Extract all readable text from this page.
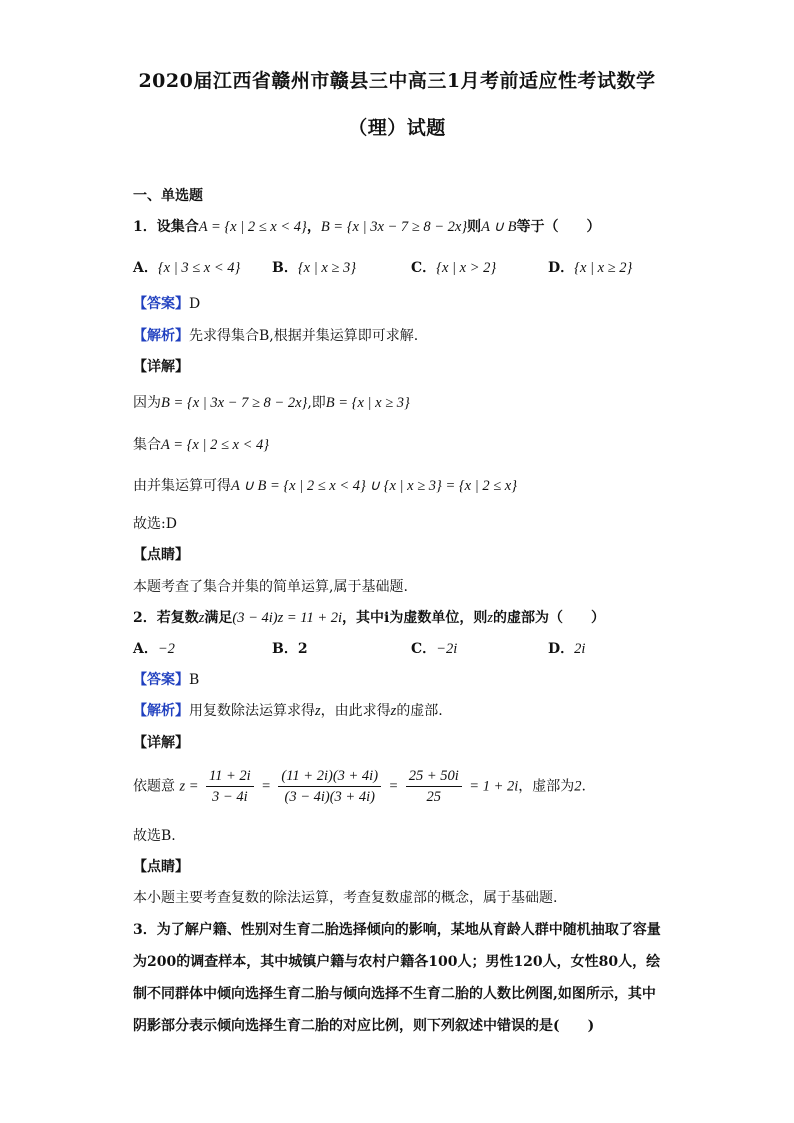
2020届江西省赣州市赣县三中高三1月考前适应性考试数学
（理）试题
一、单选题
1．设集合A = {x | 2 ≤ x < 4}，B = {x | 3x − 7 ≥ 8 − 2x}则A ∪ B等于（　　）
A．{x | 3 ≤ x < 4} B．{x | x ≥ 3}	C．{x | x > 2}	D．{x | x ≥ 2}
【答案】D
【解析】先求得集合B,根据并集运算即可求解.
【详解】
因为B = {x | 3x − 7 ≥ 8 − 2x},即B = {x | x ≥ 3}
集合A = {x | 2 ≤ x < 4}
由并集运算可得A ∪ B = {x | 2 ≤ x < 4} ∪ {x | x ≥ 3} = {x | 2 ≤ x}
故选:D
【点睛】
本题考查了集合并集的简单运算,属于基础题.
2．若复数z满足(3 − 4i)z = 11 + 2i，其中i为虚数单位，则z的虚部为（　　）
A．−2	B．2	C．−2i	D．2i
【答案】B
【解析】用复数除法运算求得z，由此求得z的虚部.
【详解】
依题意 $z = \frac{11 + 2i}{3 - 4i} = \frac{(11 + 2i)(3 + 4i)}{(3 - 4i)(3 + 4i)} = \frac{25 + 50i}{25} = 1 + 2i$，虚部为2.
故选B.
【点睛】
本小题主要考查复数的除法运算，考查复数虚部的概念，属于基础题.
3．为了解户籍、性别对生育二胎选择倾向的影响，某地从育龄人群中随机抽取了容量
为200的调查样本，其中城镇户籍与农村户籍各100人；男性120人，女性80人，绘
制不同群体中倾向选择生育二胎与倾向选择不生育二胎的人数比例图,如图所示，其中
阴影部分表示倾向选择生育二胎的对应比例，则下列叙述中错误的是(　　)
